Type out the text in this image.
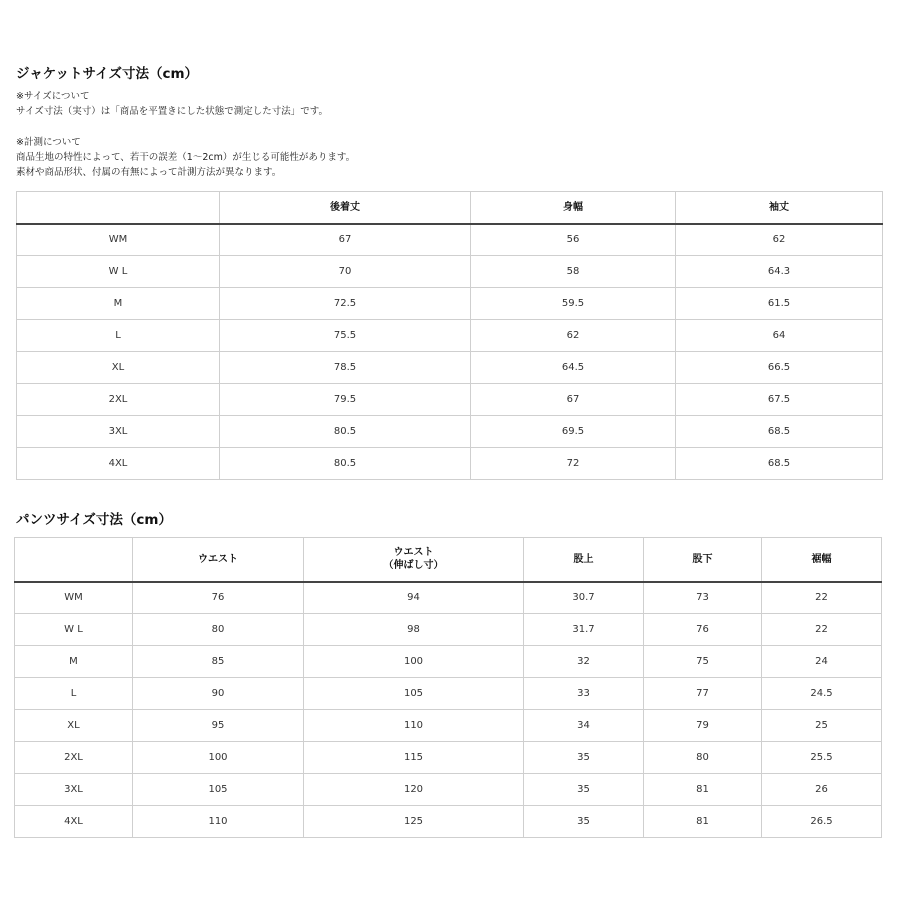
ジャケットサイズ寸法（cm）
※サイズについて
サイズ寸法（実寸）は「商品を平置きにした状態で測定した寸法」です。
※計測について
商品生地の特性によって、若干の誤差（1〜2cm）が生じる可能性があります。
素材や商品形状、付属の有無によって計測方法が異なります。

	後着丈	身幅	袖丈

WM	67	56	62
W L	70	58	64.3
M	72.5	59.5	61.5
L	75.5	62	64
XL	78.5	64.5	66.5
2XL	79.5	67	67.5
3XL	80.5	69.5	68.5
4XL	80.5	72	68.5
パンツサイズ寸法（cm）

	ウエスト	ウエスト
（伸ばし寸）	股上	股下	裾幅

WM	76	94	30.7	73	22
W L	80	98	31.7	76	22
M	85	100	32	75	24
L	90	105	33	77	24.5
XL	95	110	34	79	25
2XL	100	115	35	80	25.5
3XL	105	120	35	81	26
4XL	110	125	35	81	26.5
